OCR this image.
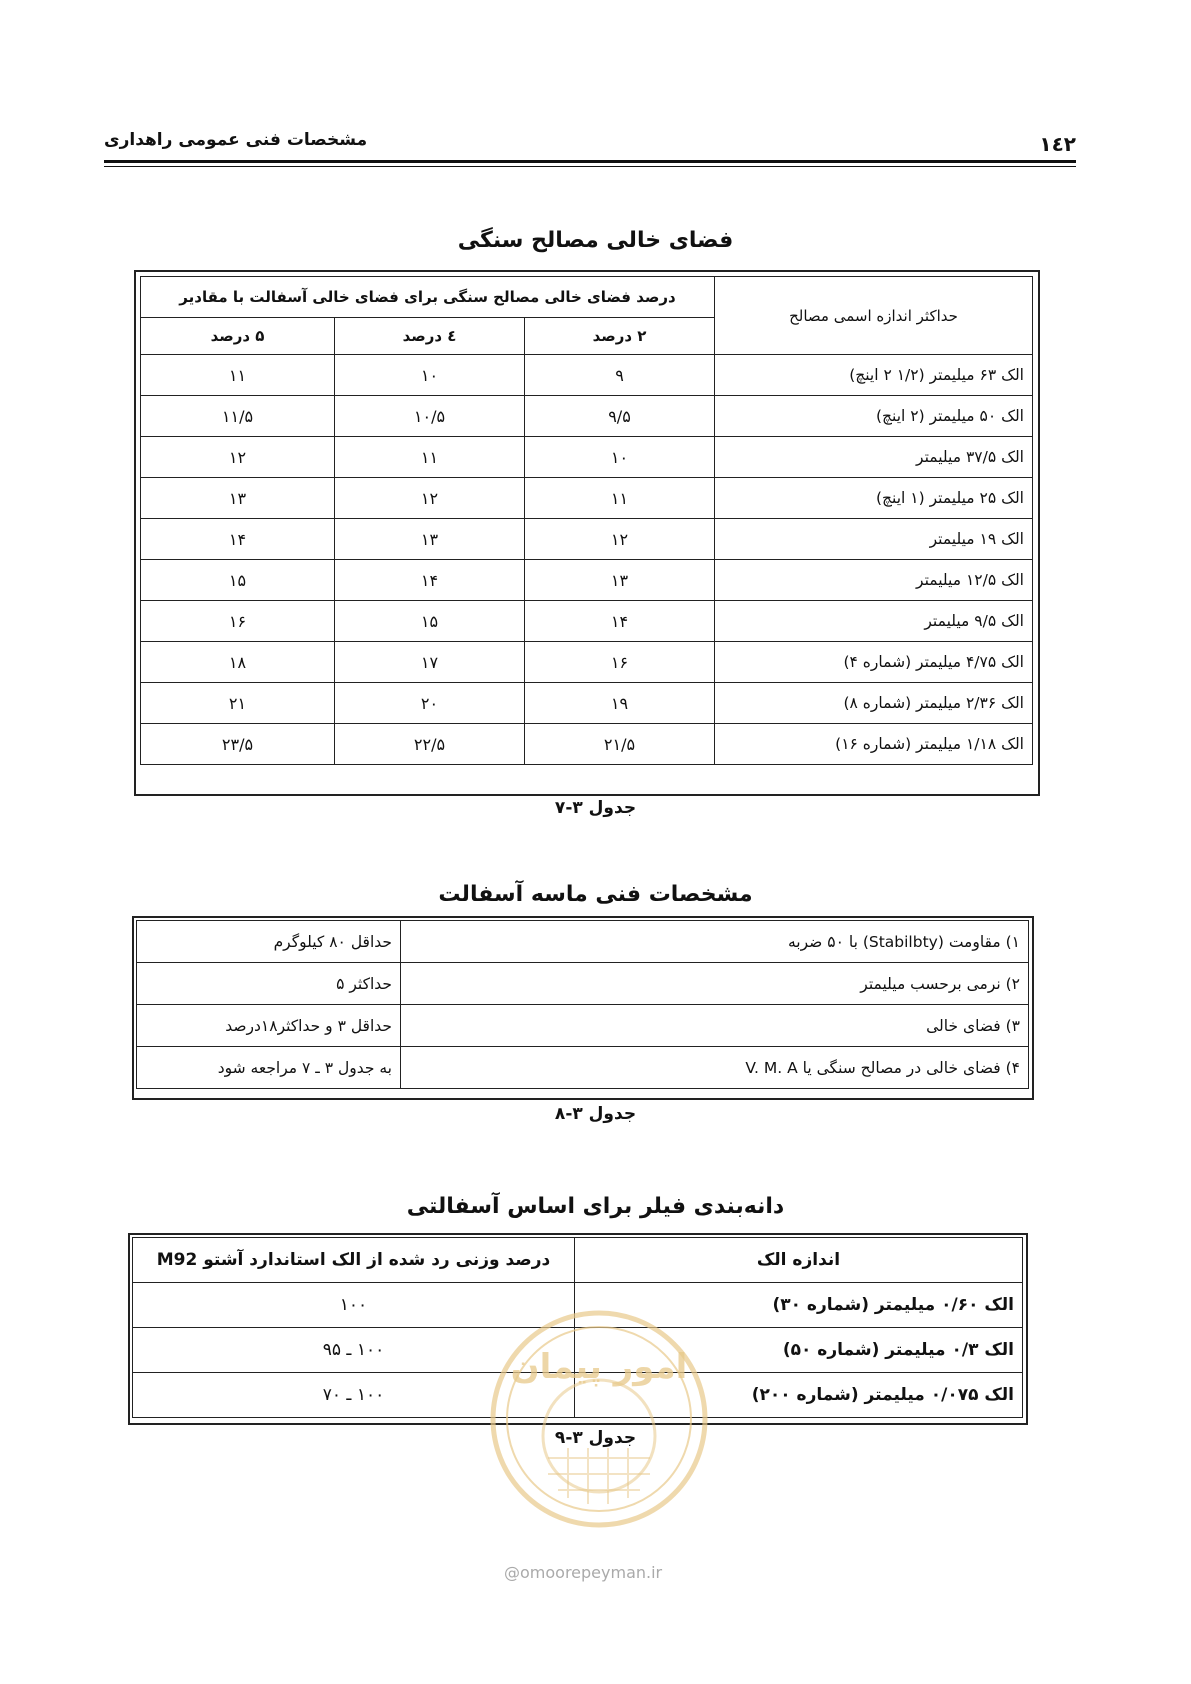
مشخصات فنی عمومی راهداری	۱٤۲
فضای خالی مصالح سنگی
حداکثر اندازه اسمی مصالح	درصد فضای خالی مصالح سنگی برای فضای خالی آسفالت با مقادیر		
	۲ درصد	٤ درصد	۵ درصد
الک ۶۳ میلیمتر (۱/۲ ۲ اینچ)	۹	۱۰	۱۱
الک ۵۰ میلیمتر (۲ اینچ)	۹/۵	۱۰/۵	۱۱/۵
الک ۳۷/۵ میلیمتر	۱۰	۱۱	۱۲
الک ۲۵ میلیمتر (۱ اینچ)	۱۱	۱۲	۱۳
الک ۱۹ میلیمتر	۱۲	۱۳	۱۴
الک ۱۲/۵ میلیمتر	۱۳	۱۴	۱۵
الک ۹/۵ میلیمتر	۱۴	۱۵	۱۶
الک ۴/۷۵ میلیمتر (شماره ۴)	۱۶	۱۷	۱۸
الک ۲/۳۶ میلیمتر (شماره ۸)	۱۹	۲۰	۲۱
الک ۱/۱۸ میلیمتر (شماره ۱۶)	۲۱/۵	۲۲/۵	۲۳/۵
جدول ۳-۷
مشخصات فنی ماسه آسفالت
۱) مقاومت (Stabilbty) با ۵۰ ضربه	حداقل ۸۰ کیلوگرم
۲) نرمی برحسب میلیمتر	حداکثر ۵
۳) فضای خالی	حداقل ۳ و حداکثر۱۸درصد
۴) فضای خالی در مصالح سنگی یا V. M. A	به جدول ۳ ـ ۷ مراجعه شود
جدول ۳-۸
دانه‌بندی فیلر برای اساس آسفالتی
اندازه الک	درصد وزنی رد شده از الک استاندارد آشتو M92
الک ۰/۶۰ میلیمتر (شماره ۳۰)	۱۰۰
الک ۰/۳ میلیمتر (شماره ۵۰)	۱۰۰ ـ ۹۵
الک ۰/۰۷۵ میلیمتر (شماره ۲۰۰)	۱۰۰ ـ ۷۰
جدول ۳-۹
امور پیمان
@omoorepeyman.ir
